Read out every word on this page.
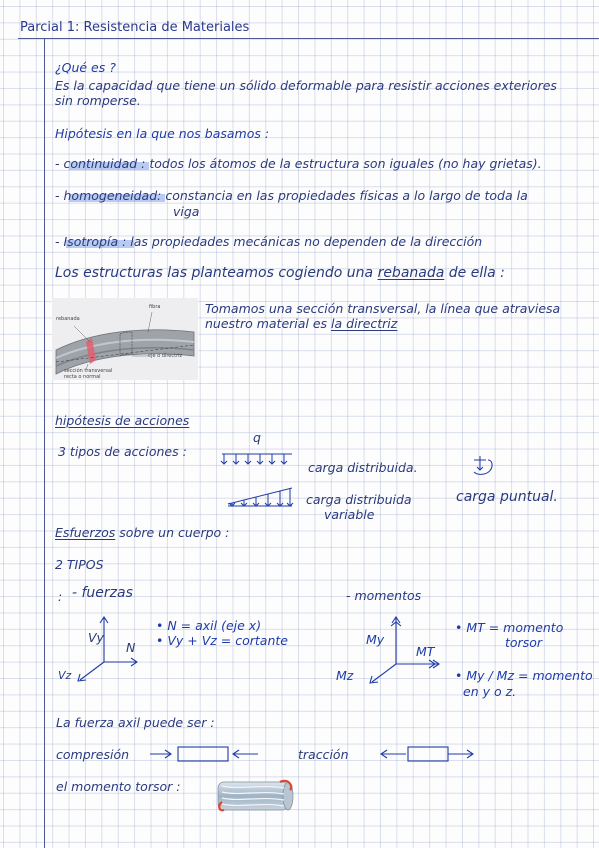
Parcial 1: Resistencia de Materiales
¿Qué es ?
Es la capacidad que tiene un sólido deformable para resistir acciones exteriores
sin romperse.
Hipótesis en la que nos basamos :
- continuidad : todos los átomos de la estructura son iguales (no hay grietas).
- homogeneidad: constancia en las propiedades físicas a lo largo de toda la
viga
- Isotropía : las propiedades mecánicas no dependen de la dirección
Los estructuras las planteamos cogiendo una rebanada de ella :
rebanada
fibra
eje o directriz
sección transversal
recta o normal
Tomamos una sección transversal, la línea que atraviesa
nuestro material es la directriz
hipótesis de acciones
3 tipos de acciones :
q
carga distribuida.
carga distribuida
variable
carga puntual.
Esfuerzos sobre un cuerpo :
2 TIPOS
: - fuerzas	- momentos
Vy
N
Vz
• N = axil (eje x)
• Vy + Vz = cortante	My
MT
Mz
• MT = momento
torsor
• My / Mz = momento
en y o z.
La fuerza axil puede ser :
compresión	tracción
el momento torsor :
